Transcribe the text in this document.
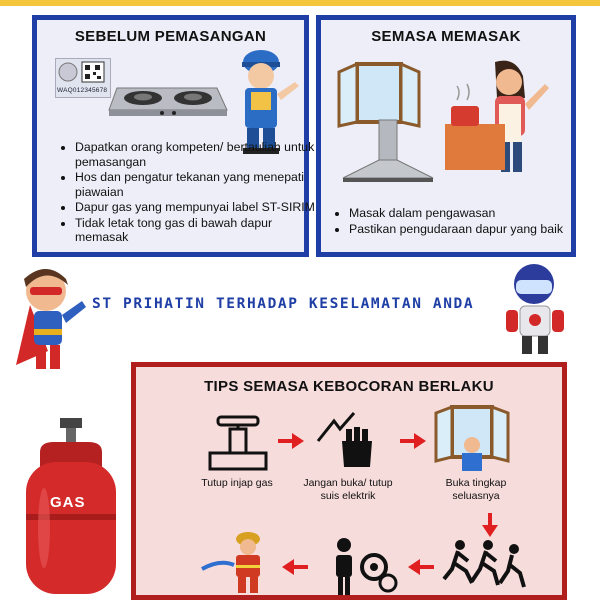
SEBELUM PEMASANGAN
WAQ012345678
• Dapatkan orang kompeten/ bertauliah untuk pemasangan
• Hos dan pengatur tekanan yang menepati piawaian
• Dapur gas yang mempunyai label ST-SIRIM
• Tidak letak tong gas di bawah dapur memasak
SEMASA MEMASAK
• Masak dalam pengawasan
• Pastikan pengudaraan dapur yang baik
ST PRIHATIN TERHADAP KESELAMATAN ANDA
GAS
TIPS SEMASA KEBOCORAN BERLAKU
Tutup injap gas	Jangan buka/ tutup suis elektrik
Buka tingkap seluasnya
